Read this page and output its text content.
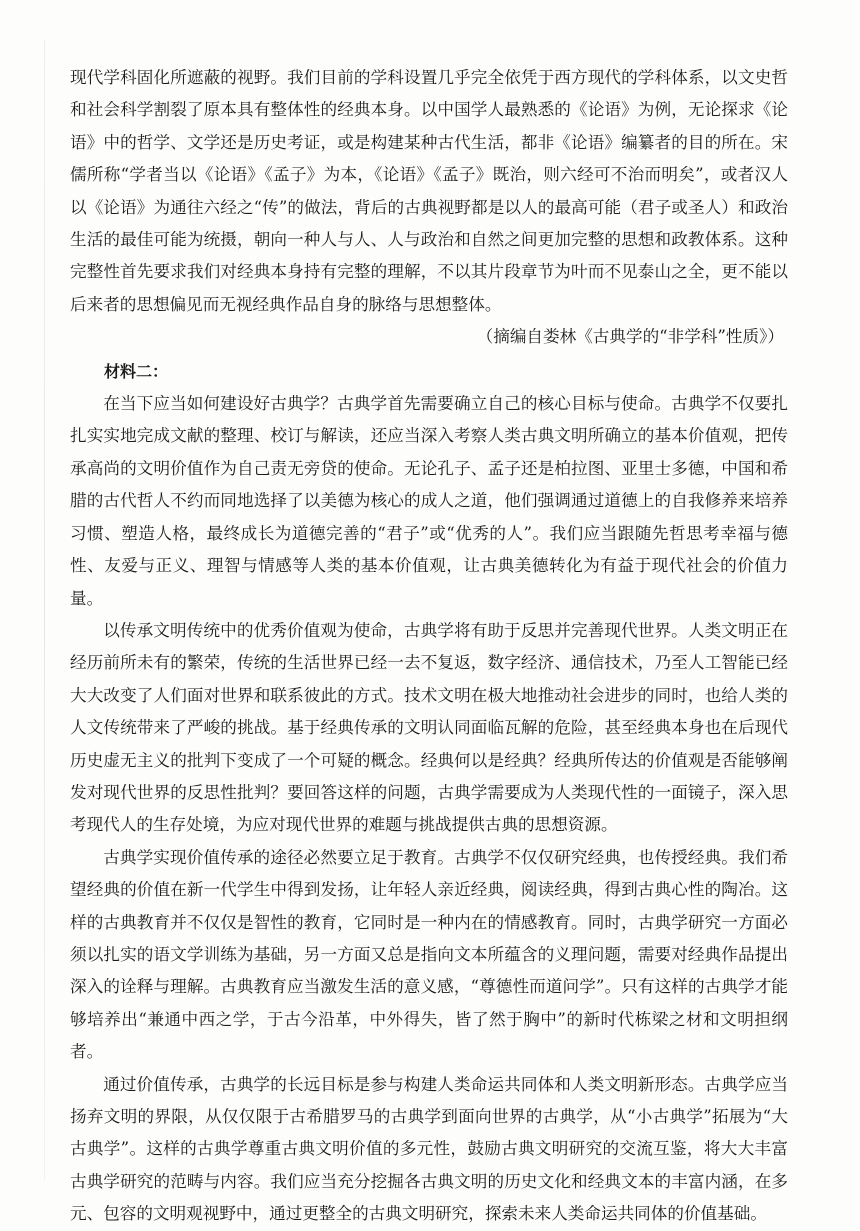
现代学科固化所遮蔽的视野。我们目前的学科设置几乎完全依凭于西方现代的学科体系，以文史哲和社会科学割裂了原本具有整体性的经典本身。以中国学人最熟悉的《论语》为例，无论探求《论语》中的哲学、文学还是历史考证，或是构建某种古代生活，都非《论语》编纂者的目的所在。宋儒所称“学者当以《论语》《孟子》为本，《论语》《孟子》既治，则六经可不治而明矣”，或者汉人以《论语》为通往六经之“传”的做法，背后的古典视野都是以人的最高可能（君子或圣人）和政治生活的最佳可能为统摄，朝向一种人与人、人与政治和自然之间更加完整的思想和政教体系。这种完整性首先要求我们对经典本身持有完整的理解，不以其片段章节为叶而不见泰山之全，更不能以后来者的思想偏见而无视经典作品自身的脉络与思想整体。

（摘编自娄林《古典学的“非学科”性质》）

材料二：

在当下应当如何建设好古典学？古典学首先需要确立自己的核心目标与使命。古典学不仅要扎扎实实地完成文献的整理、校订与解读，还应当深入考察人类古典文明所确立的基本价值观，把传承高尚的文明价值作为自己责无旁贷的使命。无论孔子、孟子还是柏拉图、亚里士多德，中国和希腊的古代哲人不约而同地选择了以美德为核心的成人之道，他们强调通过道德上的自我修养来培养习惯、塑造人格，最终成长为道德完善的“君子”或“优秀的人”。我们应当跟随先哲思考幸福与德性、友爱与正义、理智与情感等人类的基本价值观，让古典美德转化为有益于现代社会的价值力量。

以传承文明传统中的优秀价值观为使命，古典学将有助于反思并完善现代世界。人类文明正在经历前所未有的繁荣，传统的生活世界已经一去不复返，数字经济、通信技术，乃至人工智能已经大大改变了人们面对世界和联系彼此的方式。技术文明在极大地推动社会进步的同时，也给人类的人文传统带来了严峻的挑战。基于经典传承的文明认同面临瓦解的危险，甚至经典本身也在后现代历史虚无主义的批判下变成了一个可疑的概念。经典何以是经典？经典所传达的价值观是否能够阐发对现代世界的反思性批判？要回答这样的问题，古典学需要成为人类现代性的一面镜子，深入思考现代人的生存处境，为应对现代世界的难题与挑战提供古典的思想资源。

古典学实现价值传承的途径必然要立足于教育。古典学不仅仅研究经典，也传授经典。我们希望经典的价值在新一代学生中得到发扬，让年轻人亲近经典，阅读经典，得到古典心性的陶冶。这样的古典教育并不仅仅是智性的教育，它同时是一种内在的情感教育。同时，古典学研究一方面必须以扎实的语文学训练为基础，另一方面又总是指向文本所蕴含的义理问题，需要对经典作品提出深入的诠释与理解。古典教育应当激发生活的意义感，“尊德性而道问学”。只有这样的古典学才能够培养出“兼通中西之学，于古今沿革，中外得失，皆了然于胸中”的新时代栋梁之材和文明担纲者。

通过价值传承，古典学的长远目标是参与构建人类命运共同体和人类文明新形态。古典学应当扬弃文明的界限，从仅仅限于古希腊罗马的古典学到面向世界的古典学，从“小古典学”拓展为“大古典学”。这样的古典学尊重古典文明价值的多元性，鼓励古典文明研究的交流互鉴，将大大丰富古典学研究的范畴与内容。我们应当充分挖掘各古典文明的历史文化和经典文本的丰富内涵，在多元、包容的文明观视野中，通过更整全的古典文明研究，探索未来人类命运共同体的价值基础。
